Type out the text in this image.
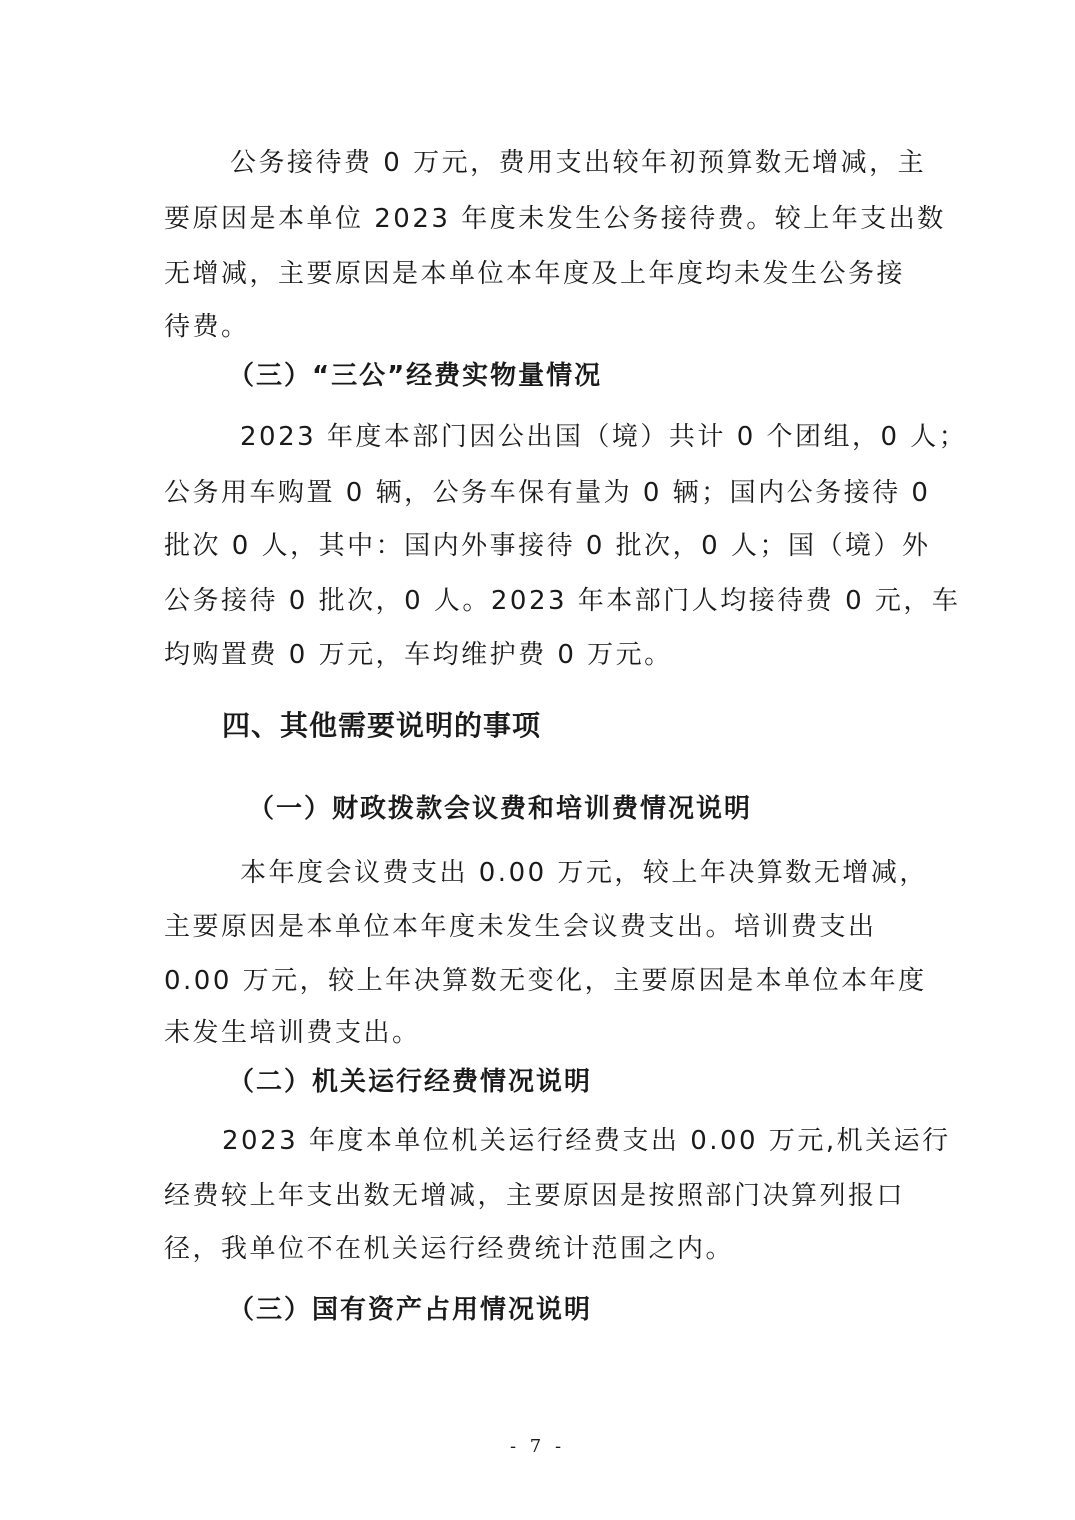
公务接待费 0 万元，费用支出较年初预算数无增减，主
要原因是本单位 2023 年度未发生公务接待费。较上年支出数
无增减，主要原因是本单位本年度及上年度均未发生公务接
待费。
（三）“三公”经费实物量情况
2023 年度本部门因公出国（境）共计 0 个团组，0 人；
公务用车购置 0 辆，公务车保有量为 0 辆；国内公务接待 0
批次 0 人，其中：国内外事接待 0 批次，0 人；国（境）外
公务接待 0 批次，0 人。2023 年本部门人均接待费 0 元，车
均购置费 0 万元，车均维护费 0 万元。
四、其他需要说明的事项
（一）财政拨款会议费和培训费情况说明
本年度会议费支出 0.00 万元，较上年决算数无增减，
主要原因是本单位本年度未发生会议费支出。培训费支出
0.00 万元，较上年决算数无变化，主要原因是本单位本年度
未发生培训费支出。
（二）机关运行经费情况说明
2023 年度本单位机关运行经费支出 0.00 万元,机关运行
经费较上年支出数无增减，主要原因是按照部门决算列报口
径，我单位不在机关运行经费统计范围之内。
（三）国有资产占用情况说明
- 7 -
